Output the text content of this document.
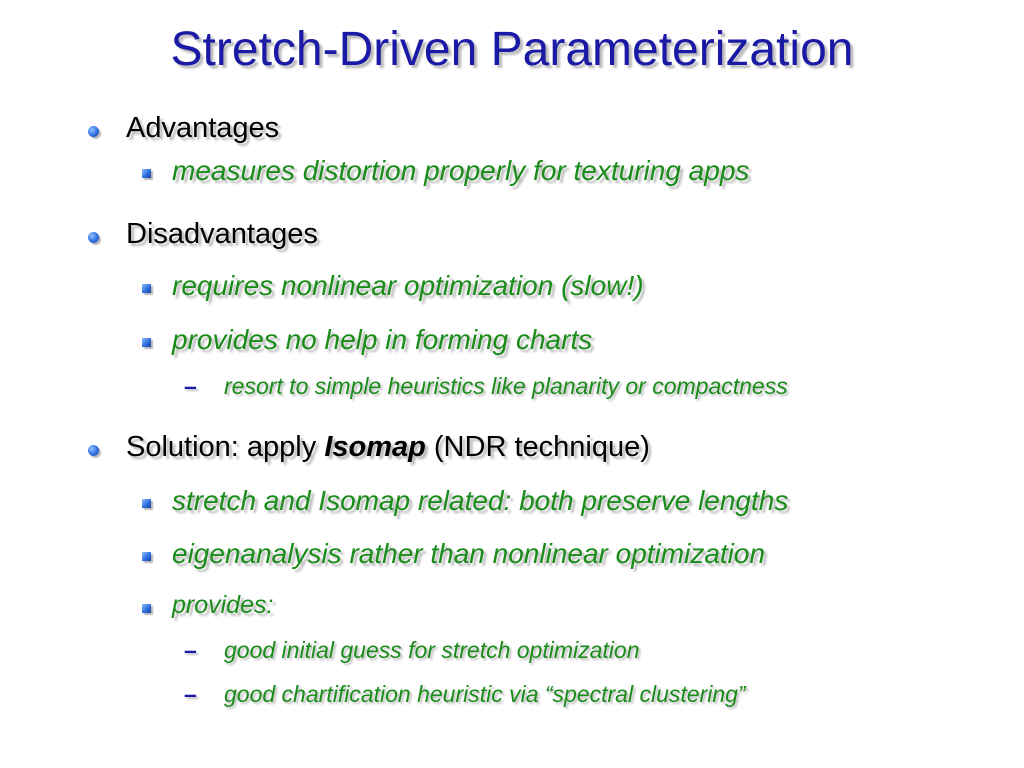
Stretch-Driven Parameterization
Advantages
measures distortion properly for texturing apps
Disadvantages
requires nonlinear optimization (slow!)
provides no help in forming charts
– resort to simple heuristics like planarity or compactness
Solution: apply Isomap (NDR technique)
stretch and Isomap related: both preserve lengths
eigenanalysis rather than nonlinear optimization
provides:
– good initial guess for stretch optimization
– good chartification heuristic via “spectral clustering”
